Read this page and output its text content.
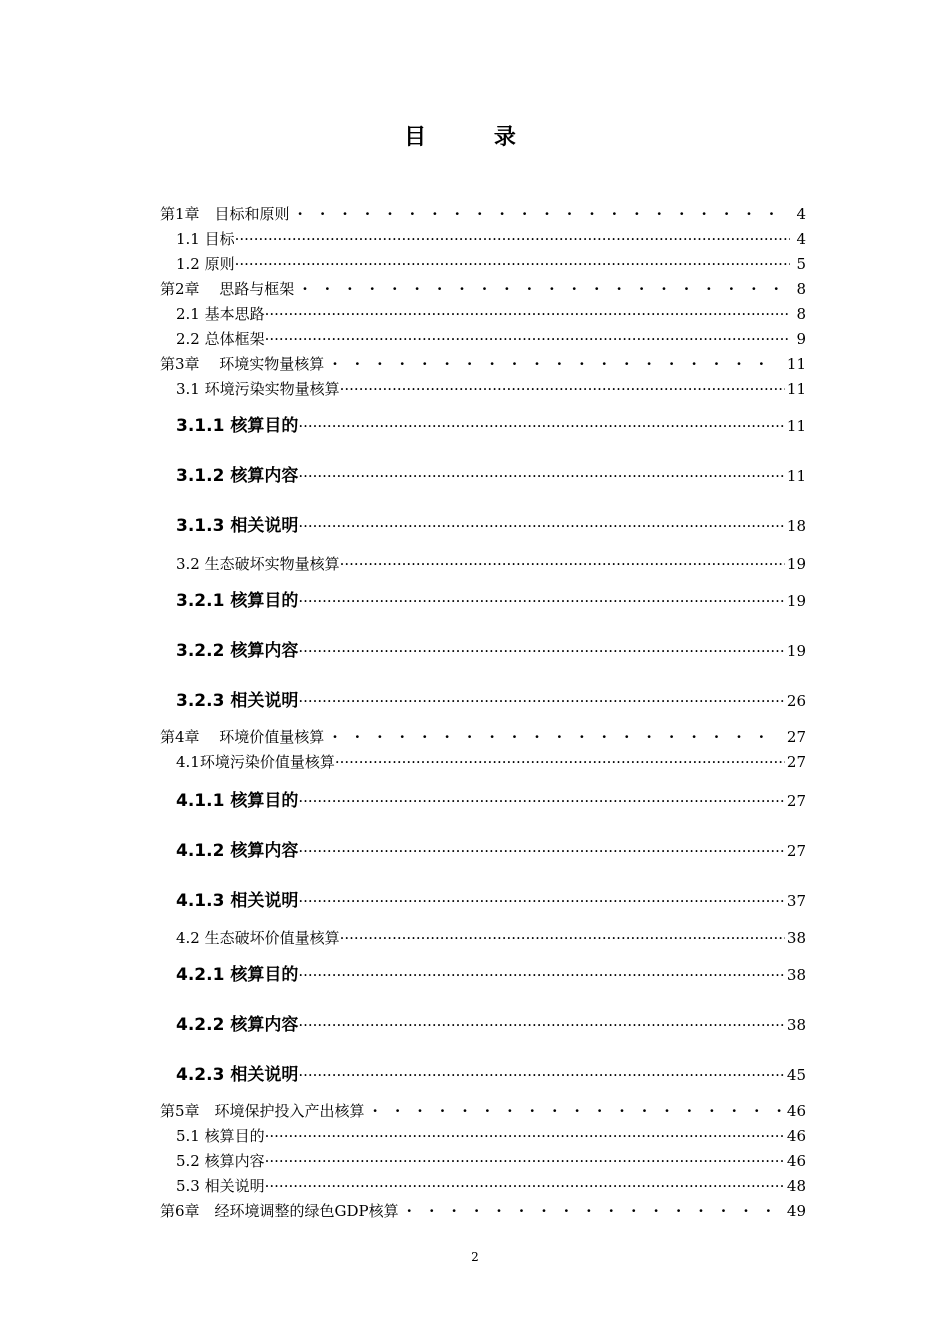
目 录
第1章　目标和原则 · · ·	4
1.1 目标 ·····	4
1.2 原则 ·····	5
第2章　 思路与框架 · · ·	8
2.1 基本思路 ·····	8
2.2 总体框架 ·····	9
第3章　 环境实物量核算 · · ·	11
3.1 环境污染实物量核算 ·····	11
3.1.1 核算目的 ·····	11
3.1.2 核算内容 ·····	11
3.1.3 相关说明 ·····	18
3.2 生态破坏实物量核算 ·····	19
3.2.1 核算目的 ·····	19
3.2.2 核算内容 ·····	19
3.2.3 相关说明 ·····	26
第4章　 环境价值量核算 · · ·	27
4.1环境污染价值量核算 ·····	27
4.1.1 核算目的 ·····	27
4.1.2 核算内容 ·····	27
4.1.3 相关说明 ·····	37
4.2 生态破坏价值量核算 ·····	38
4.2.1 核算目的 ·····	38
4.2.2 核算内容 ·····	38
4.2.3 相关说明 ·····	45
第5章　环境保护投入产出核算 · · ·	46
5.1 核算目的 ·····	46
5.2 核算内容 ·····	46
5.3 相关说明 ·····	48
第6章　经环境调整的绿色GDP核算 · · ·	49
2
